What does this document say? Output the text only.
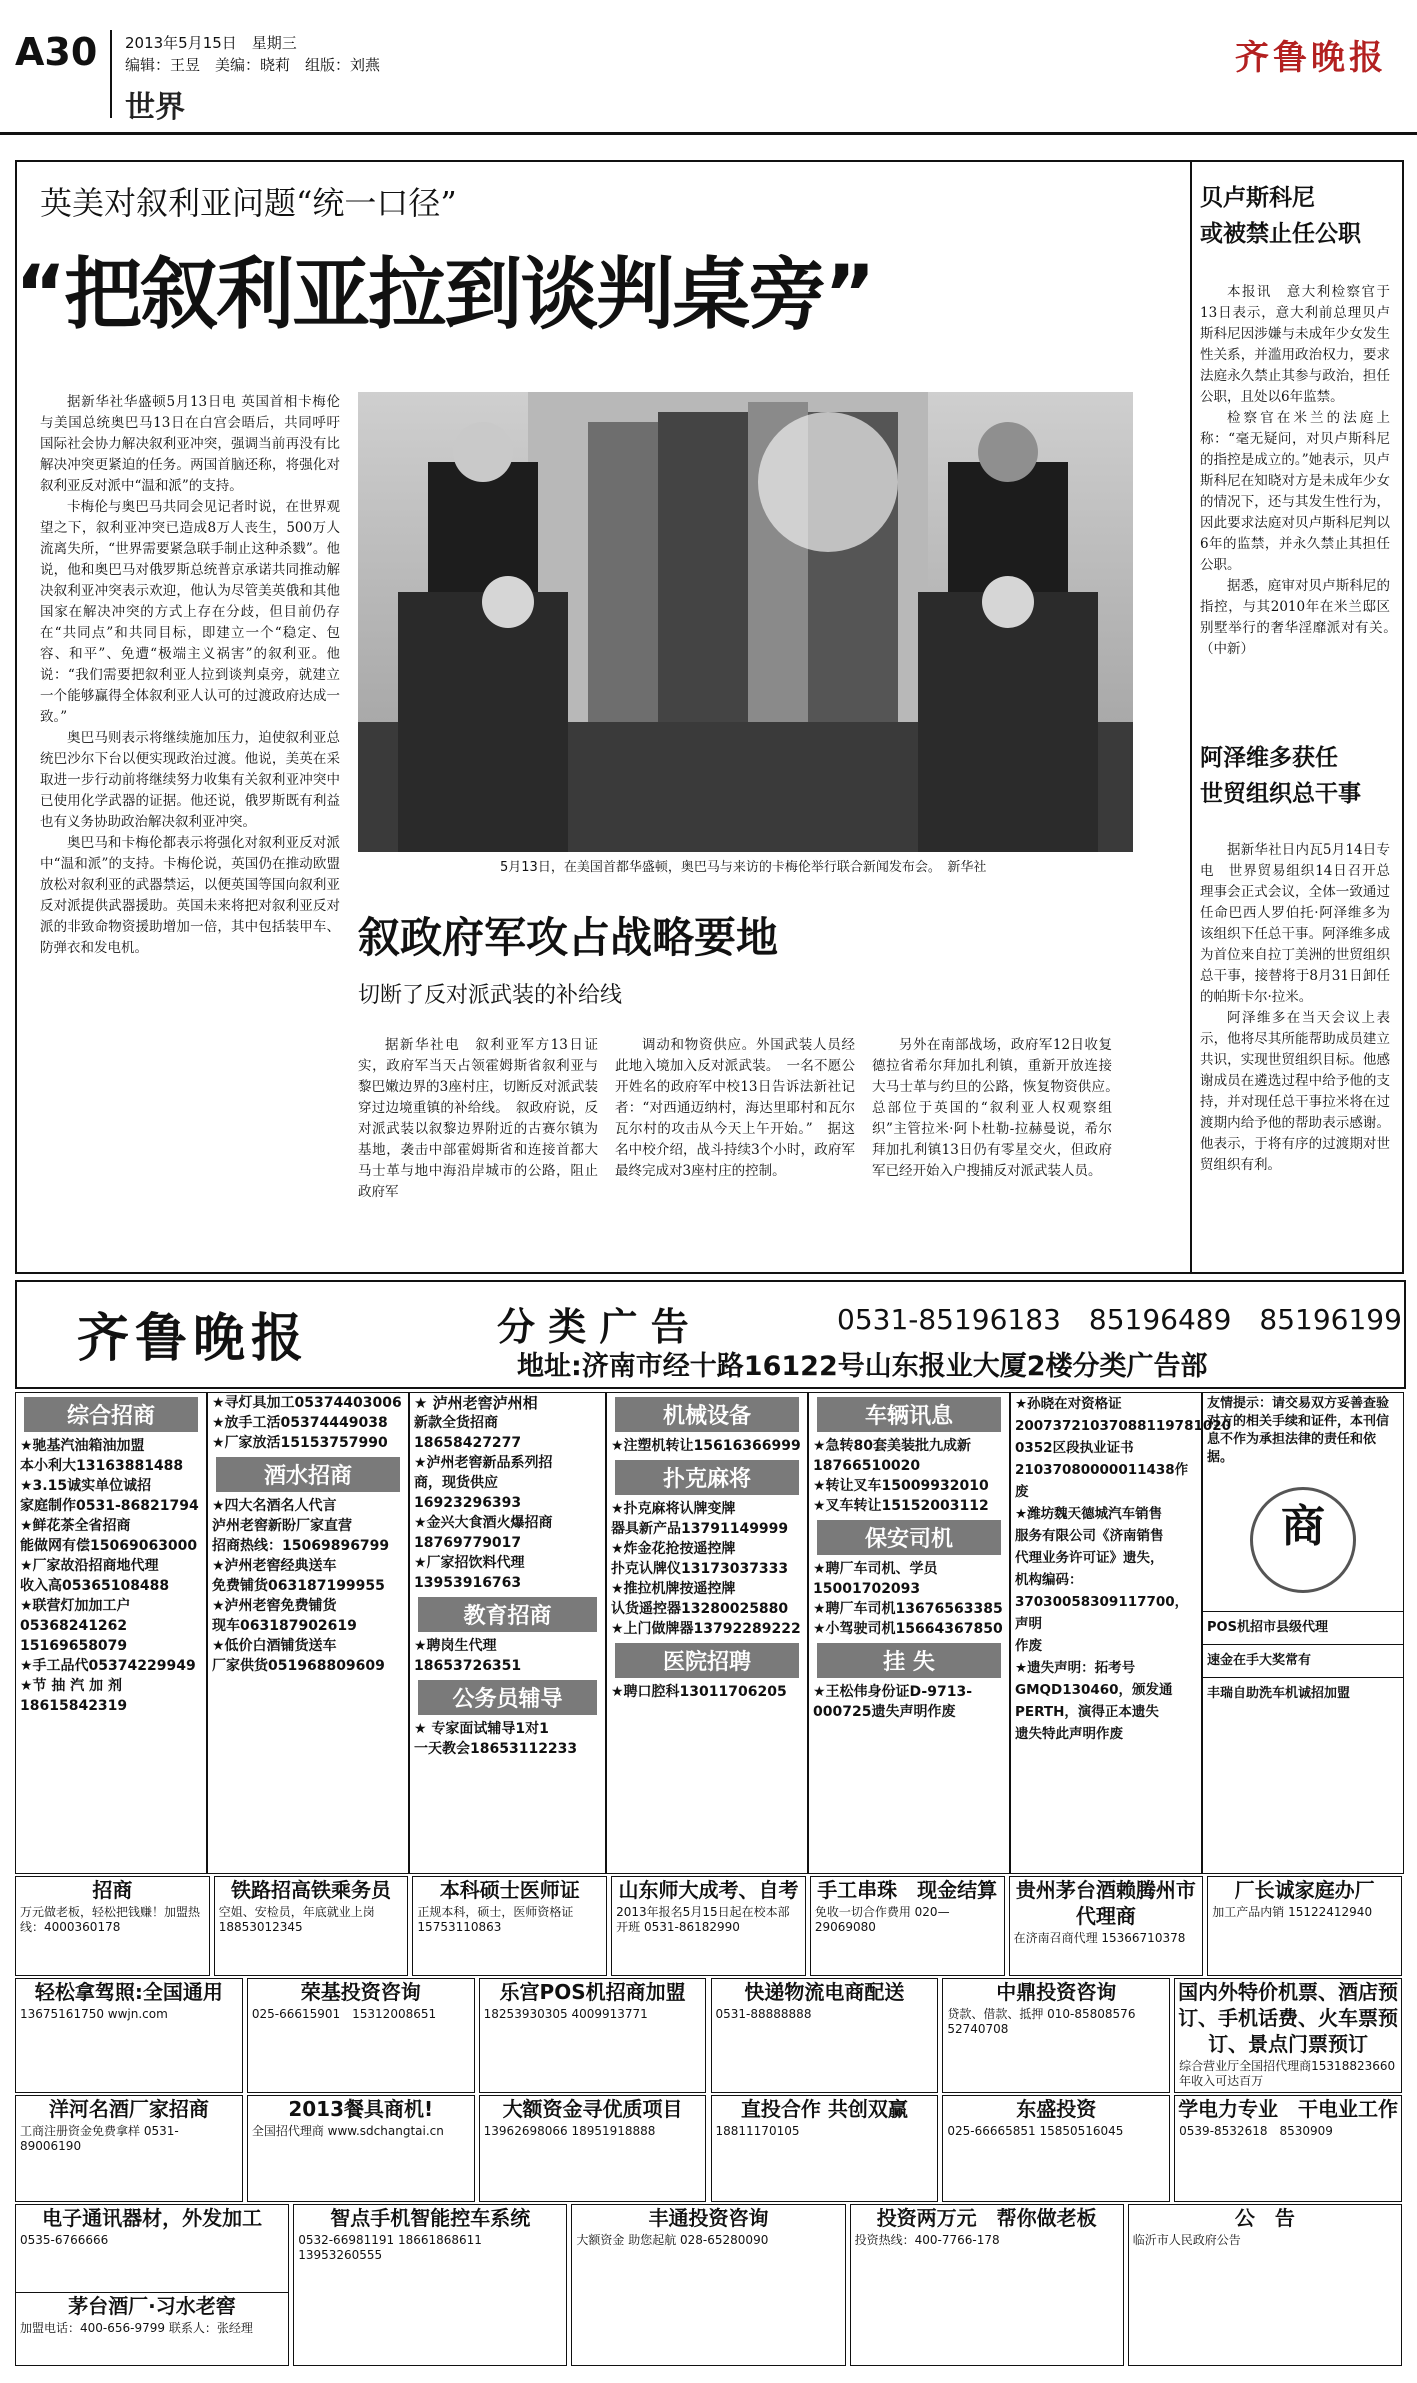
A30 2013年5月15日　星期三
编辑：王昱　美编：晓莉　组版：刘燕
世界
齐鲁晚报
英美对叙利亚问题“统一口径”
“把叙利亚拉到谈判桌旁”

据新华社华盛顿5月13日电 英国首相卡梅伦与美国总统奥巴马13日在白宫会晤后，共同呼吁国际社会协力解决叙利亚冲突，强调当前再没有比解决冲突更紧迫的任务。两国首脑还称，将强化对叙利亚反对派中“温和派”的支持。

卡梅伦与奥巴马共同会见记者时说，在世界观望之下，叙利亚冲突已造成8万人丧生，500万人流离失所，“世界需要紧急联手制止这种杀戮”。他说，他和奥巴马对俄罗斯总统普京承诺共同推动解决叙利亚冲突表示欢迎，他认为尽管美英俄和其他国家在解决冲突的方式上存在分歧，但目前仍存在“共同点”和共同目标，即建立一个“稳定、包容、和平”、免遭“极端主义祸害”的叙利亚。他说：“我们需要把叙利亚人拉到谈判桌旁，就建立一个能够赢得全体叙利亚人认可的过渡政府达成一致。”

奥巴马则表示将继续施加压力，迫使叙利亚总统巴沙尔下台以便实现政治过渡。他说，美英在采取进一步行动前将继续努力收集有关叙利亚冲突中已使用化学武器的证据。他还说，俄罗斯既有利益也有义务协助政治解决叙利亚冲突。

奥巴马和卡梅伦都表示将强化对叙利亚反对派中“温和派”的支持。卡梅伦说，英国仍在推动欧盟放松对叙利亚的武器禁运，以便英国等国向叙利亚反对派提供武器援助。英国未来将把对叙利亚反对派的非致命物资援助增加一倍，其中包括装甲车、防弹衣和发电机。

5月13日，在美国首都华盛顿，奥巴马与来访的卡梅伦举行联合新闻发布会。　新华社
叙政府军攻占战略要地
切断了反对派武装的补给线
据新华社电　叙利亚军方13日证实，政府军当天占领霍姆斯省叙利亚与黎巴嫩边界的3座村庄，切断反对派武装穿过边境重镇的补给线。　叙政府说，反对派武装以叙黎边界附近的古赛尔镇为基地，袭击中部霍姆斯省和连接首都大马士革与地中海沿岸城市的公路，阻止政府军
调动和物资供应。外国武装人员经此地入境加入反对派武装。　一名不愿公开姓名的政府军中校13日告诉法新社记者：“对西通迈纳村，海达里耶村和瓦尔瓦尔村的攻击从今天上午开始。”　据这名中校介绍，战斗持续3个小时，政府军最终完成对3座村庄的控制。
另外在南部战场，政府军12日收复德拉省希尔拜加扎利镇，重新开放连接大马士革与约旦的公路，恢复物资供应。　总部位于英国的“叙利亚人权观察组织”主管拉米·阿卜杜勒-拉赫曼说，希尔拜加扎利镇13日仍有零星交火，但政府军已经开始入户搜捕反对派武装人员。
贝卢斯科尼
或被禁止任公职

本报讯　意大利检察官于13日表示，意大利前总理贝卢斯科尼因涉嫌与未成年少女发生性关系，并滥用政治权力，要求法庭永久禁止其参与政治，担任公职，且处以6年监禁。

检察官在米兰的法庭上称：“毫无疑问，对贝卢斯科尼的指控是成立的。”她表示，贝卢斯科尼在知晓对方是未成年少女的情况下，还与其发生性行为，因此要求法庭对贝卢斯科尼判以6年的监禁，并永久禁止其担任公职。

据悉，庭审对贝卢斯科尼的指控，与其2010年在米兰邸区别墅举行的奢华淫靡派对有关。　（中新）

阿泽维多获任
世贸组织总干事

据新华社日内瓦5月14日专电　世界贸易组织14日召开总理事会正式会议，全体一致通过任命巴西人罗伯托·阿泽维多为该组织下任总干事。阿泽维多成为首位来自拉丁美洲的世贸组织总干事，接替将于8月31日卸任的帕斯卡尔·拉米。

阿泽维多在当天会议上表示，他将尽其所能帮助成员建立共识，实现世贸组织目标。他感谢成员在遴选过程中给予他的支持，并对现任总干事拉米将在过渡期内给予他的帮助表示感谢。他表示，于将有序的过渡期对世贸组织有利。

齐鲁晚报	分 类 广 告	0531-85196183　85196489　85196199
地址:济南市经十路16122号山东报业大厦2楼分类广告部
综合招商
★驰基汽油箱油加盟
本小利大13163881488
★3.15诚实单位诚招
家庭制作0531-86821794
★鲜花茶全省招商
能做网有偿15069063000
★厂家故沿招商地代理
收入高05365108488
★联营灯加加工户
05368241262 15169658079
★手工品代05374229949
★节 抽 汽 加 剂
18615842319
★寻灯具加工05374403006
★放手工活05374449038
★厂家放活15153757990
酒水招商
★四大名酒名人代言
泸州老窖新盼厂家直营
招商热线：15069896799
★泸州老窖经典送车
免费铺货063187199955
★泸州老窖免费铺货
现车063187902619
★低价白酒铺货送车
厂家供货051968809609
★ 泸州老窖泸州相
新款全货招商18658427277
★泸州老窖新品系列招
商，现货供应16923296393
★金兴大食酒火爆招商
18769779017
★厂家招饮料代理
13953916763
教育招商
★聘岗生代理18653726351
公务员辅导
★ 专家面试辅导1对1
一天教会18653112233
机械设备
★注塑机转让15616366999
扑克麻将
★扑克麻将认牌变牌
器具新产品13791149999
★炸金花抢按遥控牌
扑克认牌仪13173037333
★推拉机牌按遥控牌
认货遥控器13280025880
★上门做牌器13792289222
医院招聘
★聘口腔科13011706205
车辆讯息
★急转80套美装批九成新
18766510020
★转让叉车15009932010
★叉车转让15152003112
保安司机
★聘厂车司机、学员
15001702093
★聘厂车司机13676563385
★小驾驶司机15664367850
挂 失
★王松伟身份证D-9713-
000725遗失声明作废
★孙晓在对资格证
20073721037088119781020
0352区段执业证书
21037080000011438作废
★潍坊魏天德城汽车销售
服务有限公司《济南销售
代理业务许可证》遗失，
机构编码：
37030058309117700，声明
作废
★遗失声明：拓考号
GMQD130460，颁发通
PERTH，演得正本遗失
遗失特此声明作废
友情提示：请交易双方妥善查验对方的相关手续和证件，本刊信息不作为承担法律的责任和依据。
商
POS机招市县级代理
速金在手大奖常有
丰瑞自助洗车机诚招加盟
招商
万元做老板，轻松把钱赚！加盟热线：4000360178
铁路招高铁乘务员
空姐、安检员，年底就业上岗 18853012345
本科硕士医师证
正规本科，硕士，医师资格证 15753110863
山东师大成考、自考
2013年报名5月15日起在校本部开班 0531-86182990
手工串珠　现金结算
免收一切合作费用 020—29069080
贵州茅台酒赖腾州市代理商
在济南召商代理 15366710378
厂长诚家庭办厂
加工产品内销 15122412940
轻松拿驾照:全国通用
13675161750 wwjn.com
荣基投资咨询
025-66615901　15312008651
乐宫POS机招商加盟
18253930305 4009913771
快递物流电商配送
0531-88888888
中鼎投资咨询
贷款、借款、抵押 010-85808576　52740708
国内外特价机票、酒店预订、手机话费、火车票预订、景点门票预订
综合营业厅全国招代理商15318823660 年收入可达百万
洋河名酒厂家招商
工商注册资金免费拿样 0531-89006190
2013餐具商机!
全国招代理商 www.sdchangtai.cn
大额资金寻优质项目
13962698066 18951918888
直投合作 共创双赢
18811170105
东盛投资
025-66665851 15850516045
学电力专业　干电业工作
0539-8532618　8530909
电子通讯器材，外发加工
0535-6766666
智点手机智能控车系统
0532-66981191 18661868611　13953260555
丰通投资咨询
大额资金 助您起航 028-65280090
投资两万元　帮你做老板
投资热线：400-7766-178
公　告
临沂市人民政府公告
茅台酒厂·习水老窖
加盟电话：400-656-9799 联系人：张经理
